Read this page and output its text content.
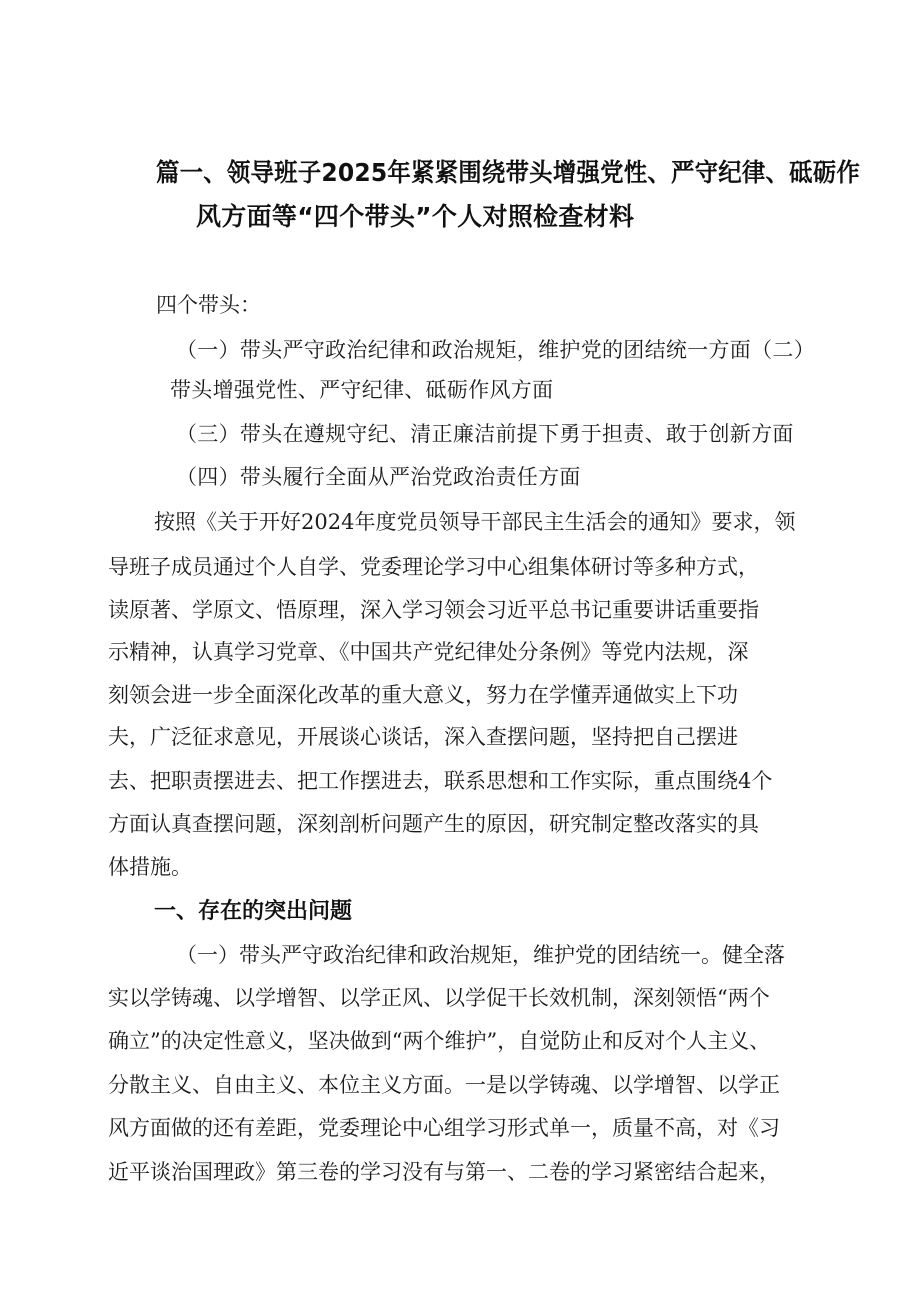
篇一、领导班子2025年紧紧围绕带头增强党性、严守纪律、砥砺作
风方面等“四个带头”个人对照检查材料
四个带头：
（一）带头严守政治纪律和政治规矩，维护党的团结统一方面（二）
带头增强党性、严守纪律、砥砺作风方面
（三）带头在遵规守纪、清正廉洁前提下勇于担责、敢于创新方面
（四）带头履行全面从严治党政治责任方面
按照《关于开好2024年度党员领导干部民主生活会的通知》要求，领
导班子成员通过个人自学、党委理论学习中心组集体研讨等多种方式，
读原著、学原文、悟原理，深入学习领会习近平总书记重要讲话重要指
示精神，认真学习党章、《中国共产党纪律处分条例》等党内法规，深
刻领会进一步全面深化改革的重大意义，努力在学懂弄通做实上下功
夫，广泛征求意见，开展谈心谈话，深入查摆问题，坚持把自己摆进
去、把职责摆进去、把工作摆进去，联系思想和工作实际，重点围绕4个
方面认真查摆问题，深刻剖析问题产生的原因，研究制定整改落实的具
体措施。
一、存在的突出问题
（一）带头严守政治纪律和政治规矩，维护党的团结统一。健全落
实以学铸魂、以学增智、以学正风、以学促干长效机制，深刻领悟“两个
确立”的决定性意义，坚决做到“两个维护”，自觉防止和反对个人主义、
分散主义、自由主义、本位主义方面。一是以学铸魂、以学增智、以学正
风方面做的还有差距，党委理论中心组学习形式单一，质量不高，对《习
近平谈治国理政》第三卷的学习没有与第一、二卷的学习紧密结合起来，
